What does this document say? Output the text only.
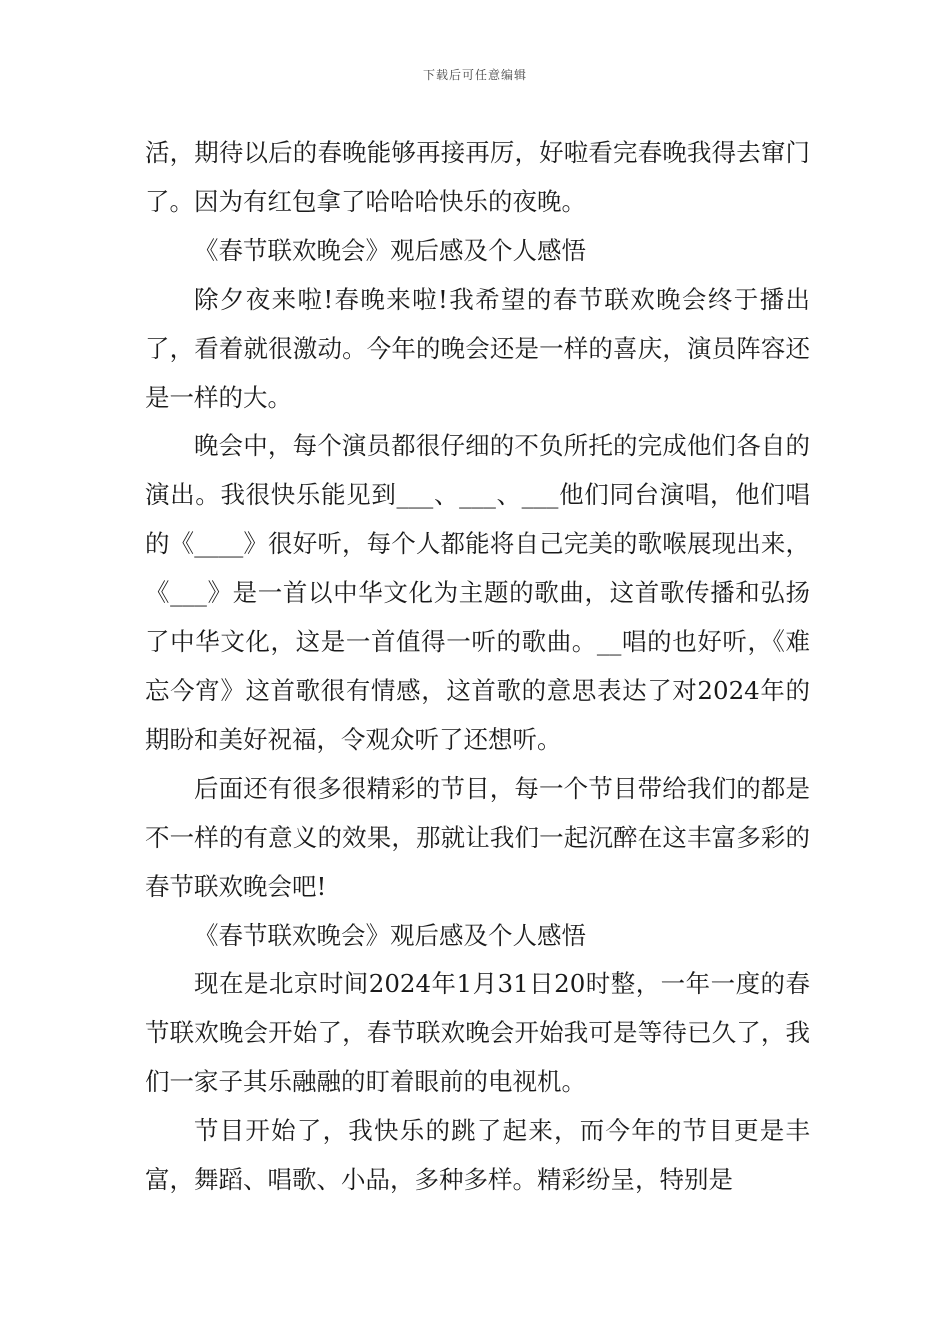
下载后可任意编辑

活，期待以后的春晚能够再接再厉，好啦看完春晚我得去窜门了。因为有红包拿了哈哈哈快乐的夜晚。

《春节联欢晚会》观后感及个人感悟

除夕夜来啦!春晚来啦!我希望的春节联欢晚会终于播出了，看着就很激动。今年的晚会还是一样的喜庆，演员阵容还是一样的大。

晚会中，每个演员都很仔细的不负所托的完成他们各自的演出。我很快乐能见到___、___、___他们同台演唱，他们唱的《____》很好听，每个人都能将自己完美的歌喉展现出来，《___》是一首以中华文化为主题的歌曲，这首歌传播和弘扬了中华文化，这是一首值得一听的歌曲。__唱的也好听，《难忘今宵》这首歌很有情感，这首歌的意思表达了对2024年的期盼和美好祝福，令观众听了还想听。

后面还有很多很精彩的节目，每一个节目带给我们的都是不一样的有意义的效果，那就让我们一起沉醉在这丰富多彩的春节联欢晚会吧!

《春节联欢晚会》观后感及个人感悟

现在是北京时间2024年1月31日20时整，一年一度的春节联欢晚会开始了，春节联欢晚会开始我可是等待已久了，我们一家子其乐融融的盯着眼前的电视机。

节目开始了，我快乐的跳了起来，而今年的节目更是丰富，舞蹈、唱歌、小品，多种多样。精彩纷呈，特别是
